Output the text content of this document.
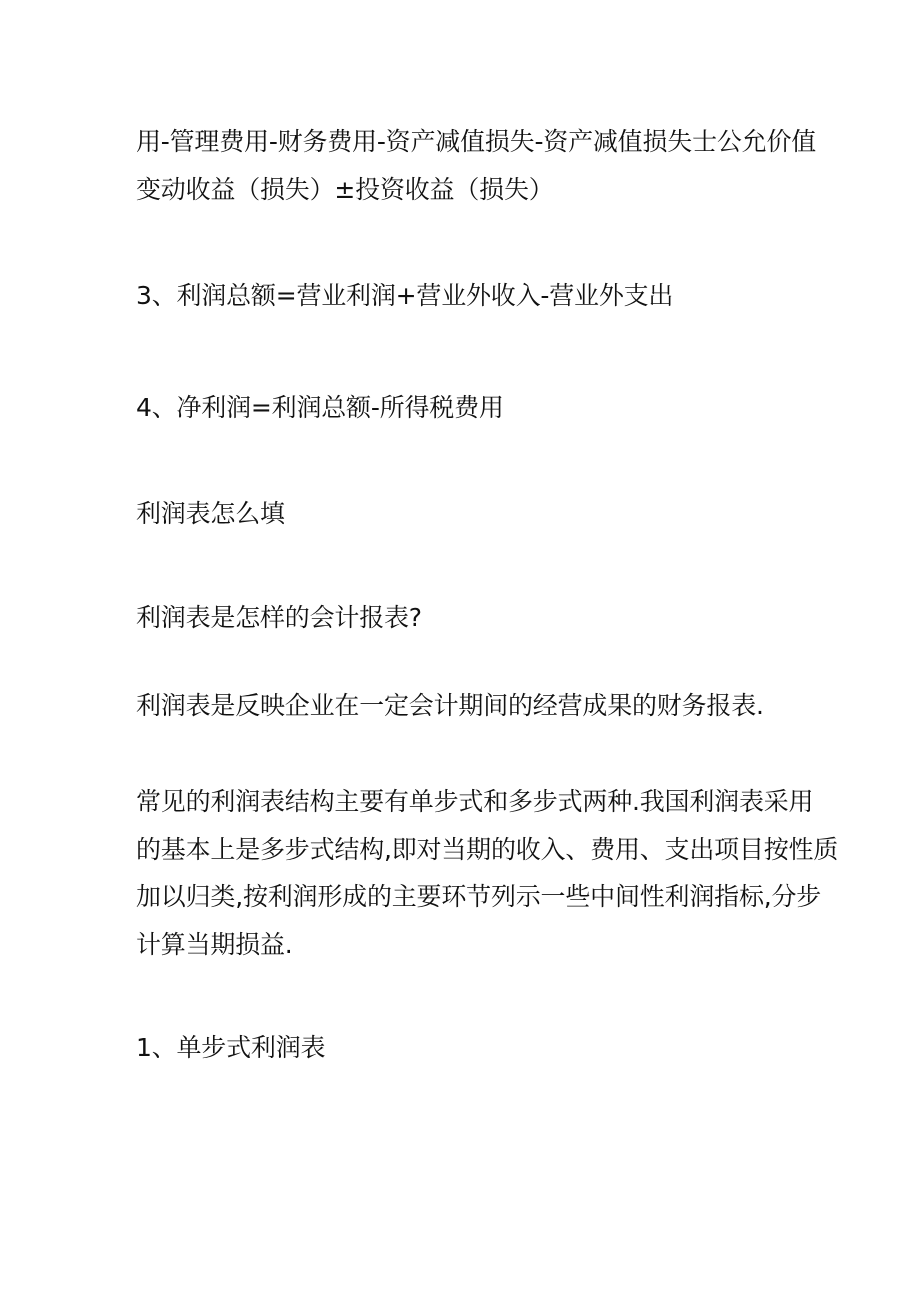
用-管理费用-财务费用-资产减值损失-资产减值损失士公允价值
变动收益（损失）±投资收益（损失）
3、利润总额=营业利润+营业外收入-营业外支出
4、净利润=利润总额-所得税费用
利润表怎么填
利润表是怎样的会计报表?
利润表是反映企业在一定会计期间的经营成果的财务报表.
常见的利润表结构主要有单步式和多步式两种.我国利润表采用
的基本上是多步式结构,即对当期的收入、费用、支出项目按性质
加以归类,按利润形成的主要环节列示一些中间性利润指标,分步
计算当期损益.
1、单步式利润表
